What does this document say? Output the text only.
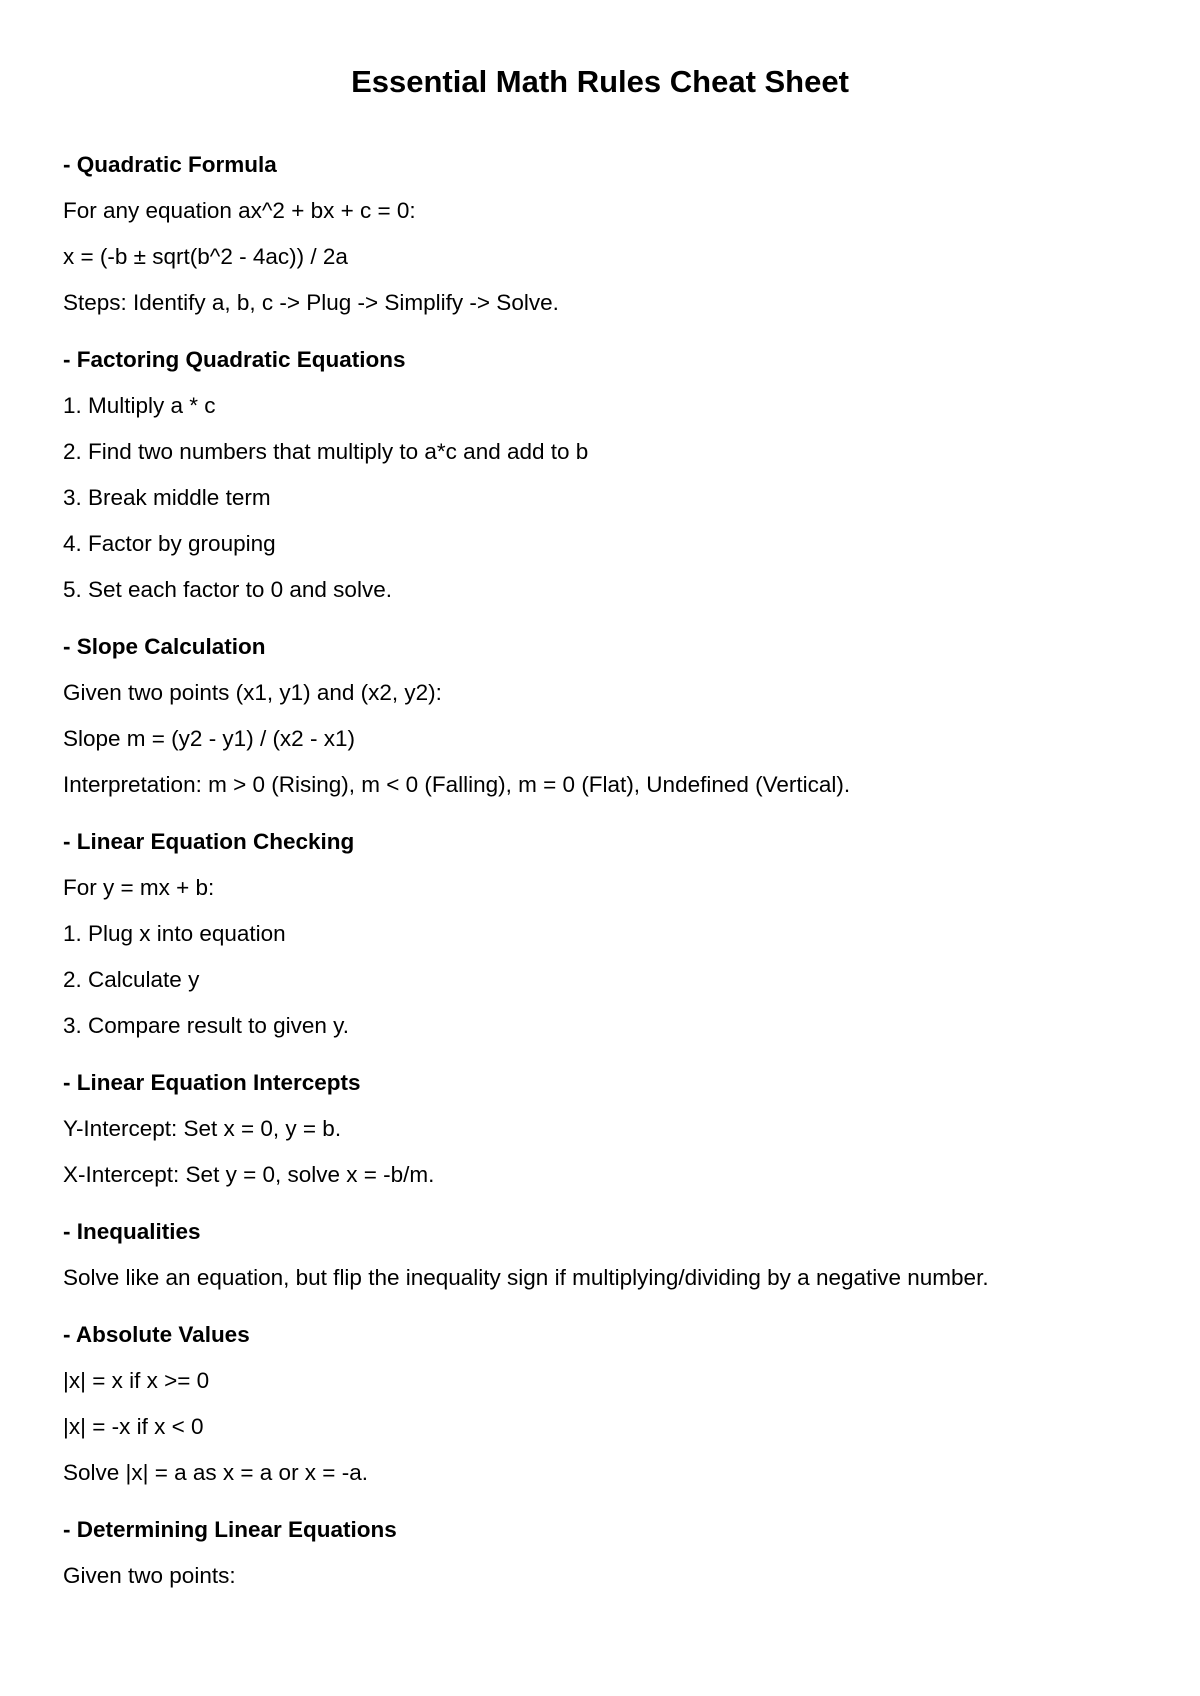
Essential Math Rules Cheat Sheet
- Quadratic Formula
For any equation ax^2 + bx + c = 0:
x = (-b ± sqrt(b^2 - 4ac)) / 2a
Steps: Identify a, b, c -> Plug -> Simplify -> Solve.
- Factoring Quadratic Equations
1. Multiply a * c
2. Find two numbers that multiply to a*c and add to b
3. Break middle term
4. Factor by grouping
5. Set each factor to 0 and solve.
- Slope Calculation
Given two points (x1, y1) and (x2, y2):
Slope m = (y2 - y1) / (x2 - x1)
Interpretation: m > 0 (Rising), m < 0 (Falling), m = 0 (Flat), Undefined (Vertical).
- Linear Equation Checking
For y = mx + b:
1. Plug x into equation
2. Calculate y
3. Compare result to given y.
- Linear Equation Intercepts
Y-Intercept: Set x = 0, y = b.
X-Intercept: Set y = 0, solve x = -b/m.
- Inequalities
Solve like an equation, but flip the inequality sign if multiplying/dividing by a negative number.
- Absolute Values
|x| = x if x >= 0
|x| = -x if x < 0
Solve |x| = a as x = a or x = -a.
- Determining Linear Equations
Given two points:
